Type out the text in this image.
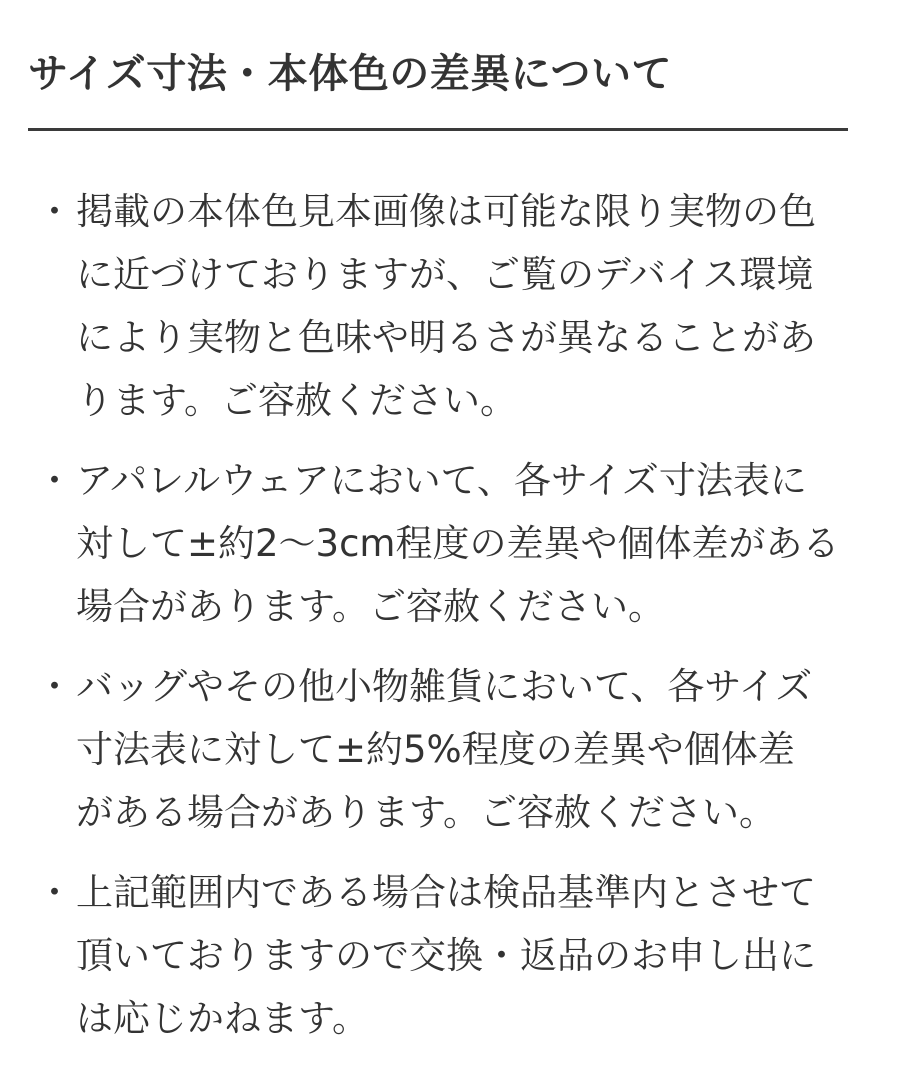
サイズ寸法・本体色の差異について
・ 掲載の本体色見本画像は可能な限り実物の色
に近づけておりますが、ご覧のデバイス環境
により実物と色味や明るさが異なることがあ
ります。ご容赦ください。
・ アパレルウェアにおいて、各サイズ寸法表に
対して±約2〜3cm程度の差異や個体差がある
場合があります。ご容赦ください。
・ バッグやその他小物雑貨において、各サイズ
寸法表に対して±約5%程度の差異や個体差
がある場合があります。ご容赦ください。
・ 上記範囲内である場合は検品基準内とさせて
頂いておりますので交換・返品のお申し出に
は応じかねます。
